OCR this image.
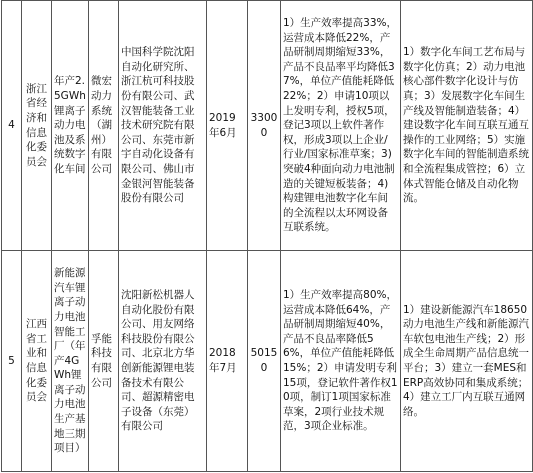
4	浙江省经济和信息化委员会	年产2.5GWh锂离子动力电池及系统数字化车间	微宏动力系统（湖州）有限公司	中国科学院沈阳自动化研究所、浙江杭可科技股份有限公司、武汉智能装备工业技术研究院有限公司、东莞市新宇自动化设备有限公司、佛山市金银河智能装备股份有限公司	2019年6月	33000	1）生产效率提高33%，运营成本降低22%，产品研制周期缩短33%，产品不良品率平均降低37%，单位产值能耗降低22%；2）申请10项以上发明专利，授权5项，登记3项以上软件著作权，形成3项以上企业/行业/国家标准草案；3)突破4种面向动力电池制造的关键短板装备；4)构建锂电池数字化车间的全流程以太环网设备互联系统。	1）数字化车间工艺布局与数字化仿真；2）动力电池核心部件数字化设计与仿真；3）发展数字化车间生产线及智能制造装备；4）建设数字化车间互联互通互操作的工业网络；5）实施数字化车间的智能制造系统和全流程集成管控；6）立体式智能仓储及自动化物流。
5	江西省工业和信息化委员会	新能源汽车锂离子动力电池智能工厂（年产4GWh锂离子动力电池生产基地三期项目）	孚能科技有限公司	沈阳新松机器人自动化股份有限公司、用友网络科技股份有限公司、北京北方华创新能源锂电装备技术有限公司、超源精密电子设备（东莞）有限公司	2018年7月	50150	1）生产效率提高80%，运营成本降低64%，产品研制周期缩短40%，产品不良品率降低56%，单位产值能耗降低15%；2）申请发明专利15项，登记软件著作权10项，制订1项国家标准草案，2项行业技术规范，3项企业标准。	1）建设新能源汽车18650动力电池生产线和新能源汽车软包电池生产线；2）形成全生命周期产品信息统一平台；3）建立一套MES和ERP高效协同和集成系统；4）建立工厂内互联互通网络。
